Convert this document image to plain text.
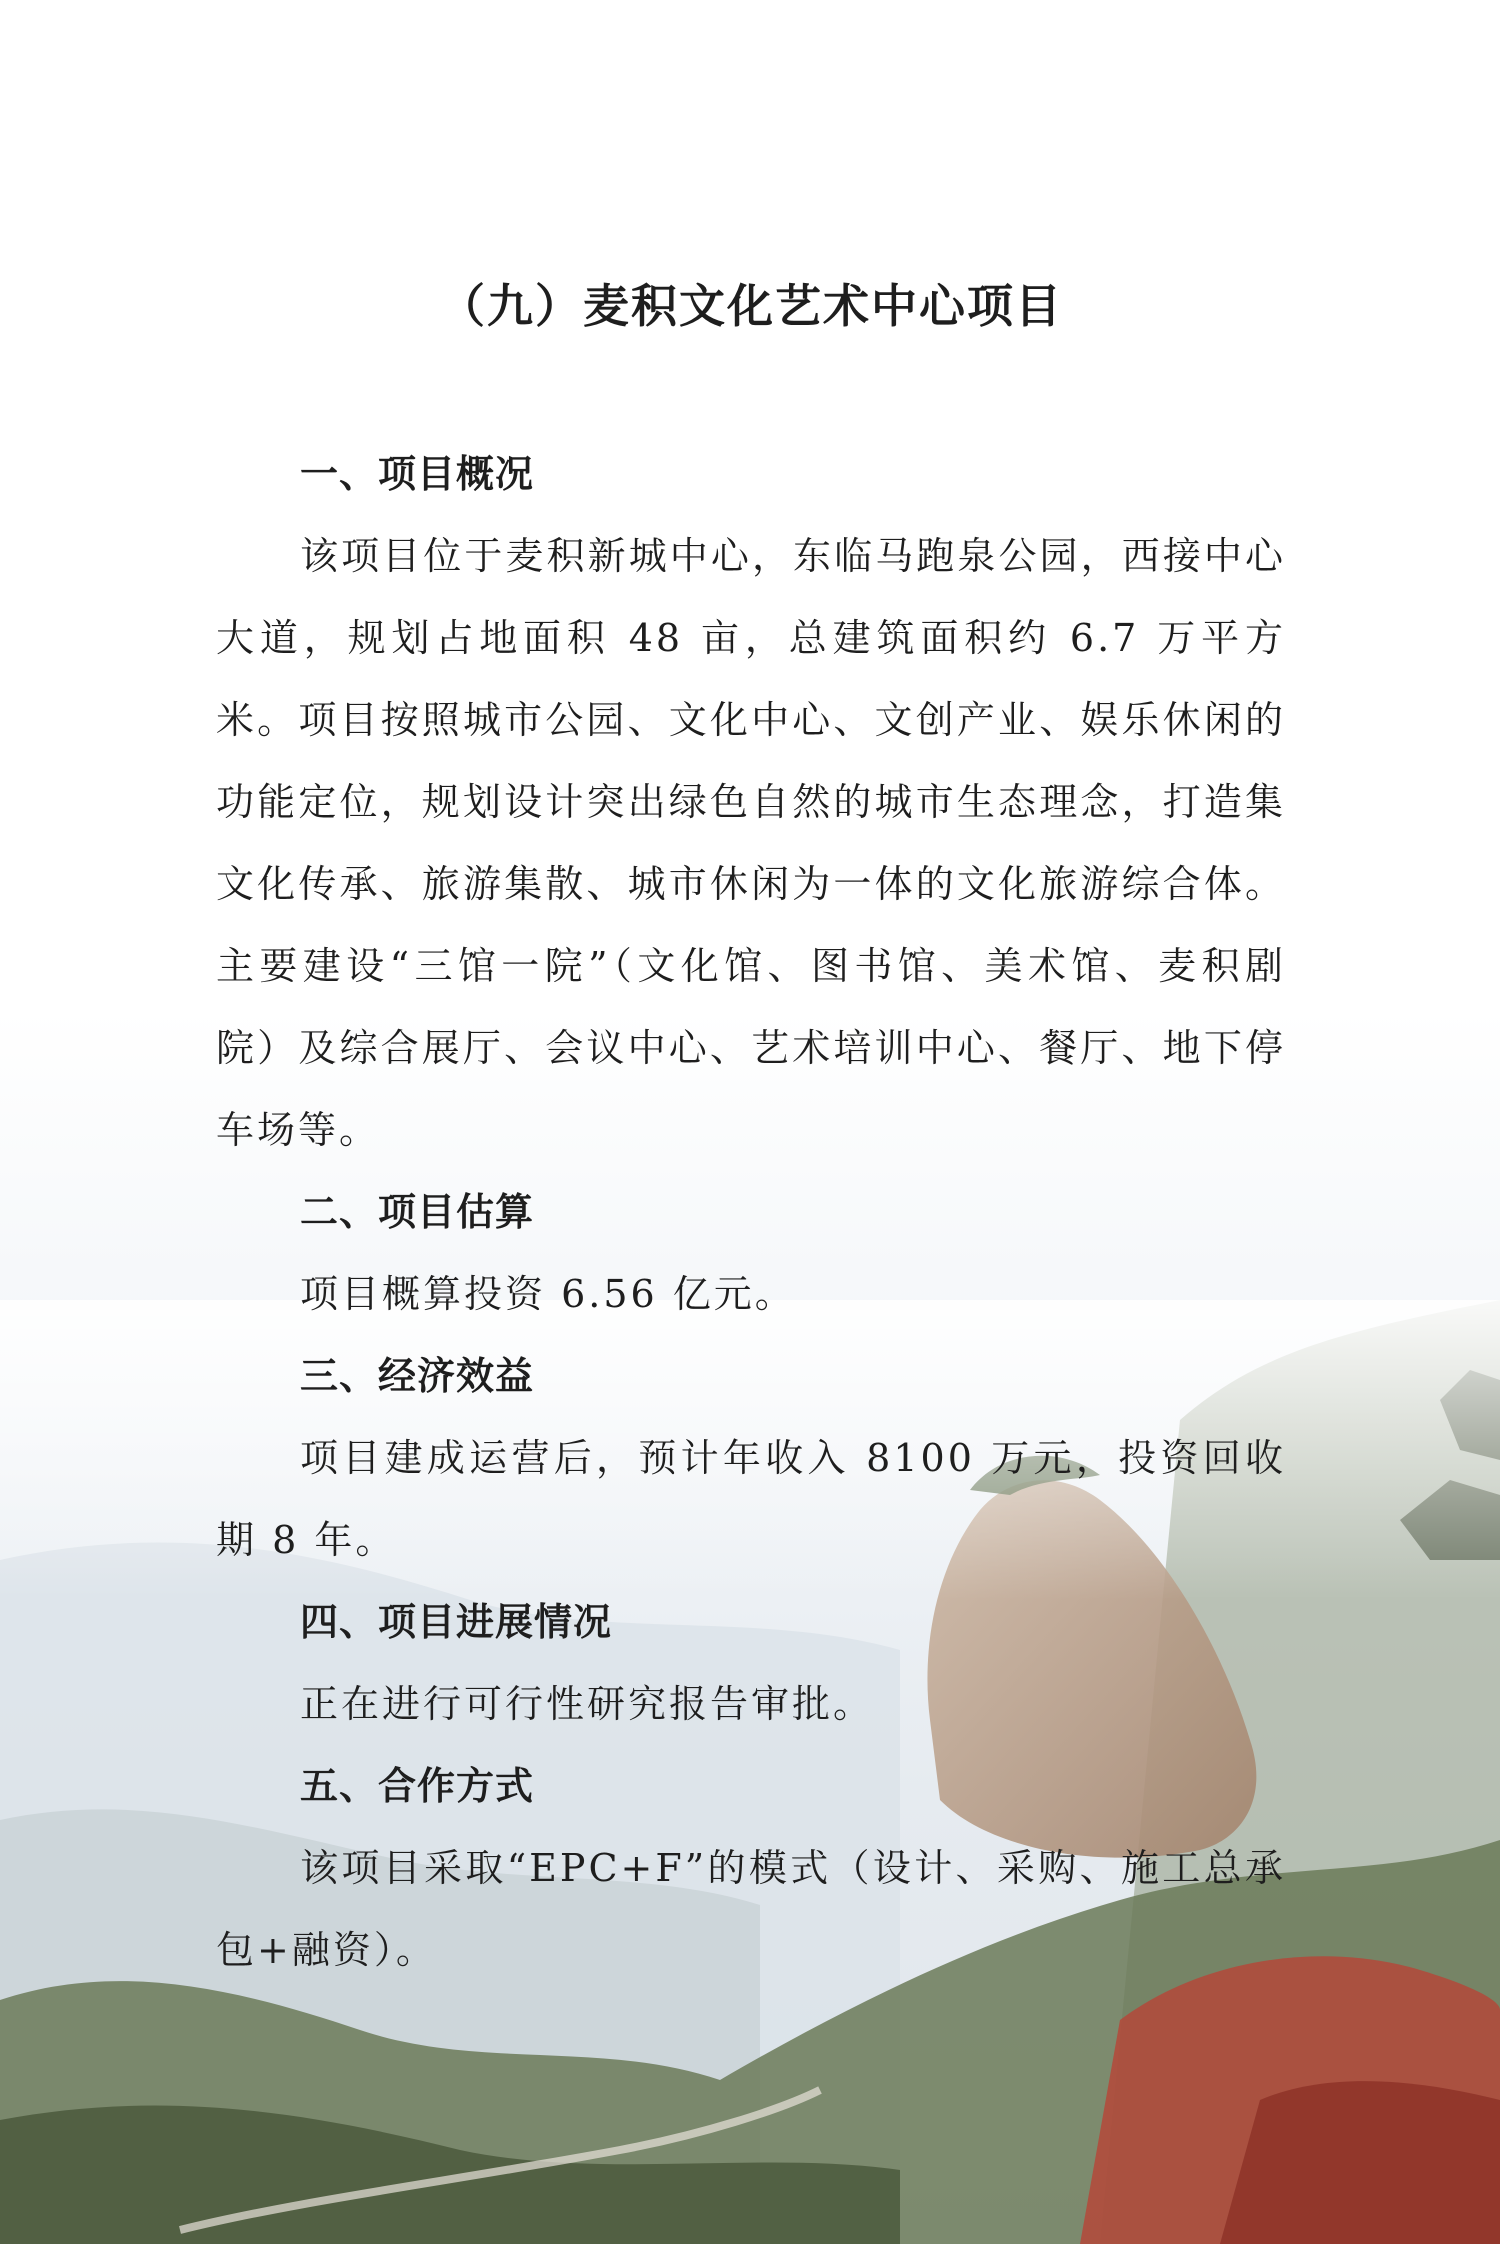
（九）麦积文化艺术中心项目
一、项目概况

该项目位于麦积新城中心，东临马跑泉公园，西接中心大道，规划占地面积 48 亩，总建筑面积约 6.7 万平方米。项目按照城市公园、文化中心、文创产业、娱乐休闲的功能定位，规划设计突出绿色自然的城市生态理念，打造集文化传承、旅游集散、城市休闲为一体的文化旅游综合体。主要建设“三馆一院”（文化馆、图书馆、美术馆、麦积剧院）及综合展厅、会议中心、艺术培训中心、餐厅、地下停车场等。

二、项目估算

项目概算投资 6.56 亿元。

三、经济效益

项目建成运营后，预计年收入 8100 万元，投资回收期 8 年。

四、项目进展情况

正在进行可行性研究报告审批。

五、合作方式

该项目采取“EPC+F”的模式（设计、采购、施工总承包+融资）。
